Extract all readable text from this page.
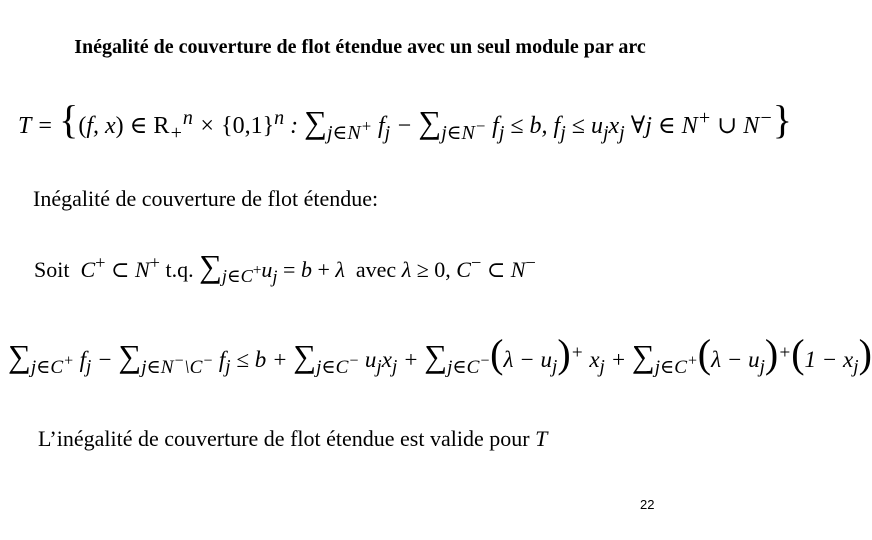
Inégalité de couverture de flot étendue avec un seul module par arc
T = {(f, x) ∈ $R_+^n \times \{0,1\}^n$ : $\sum_{j\in N^+}$ $f_j - \sum_{j\in N^-}$ $f_j \le b$, $f_j \le u_jx_j$ ∀j ∈ N+ ∪ N−}
Inégalité de couverture de flot étendue:
Soit  C+ ⊂ N+ t.q. $\sum_{j\in C^+}u_j = b + \lambda$  avec λ ≥ 0, C− ⊂ N−
$\sum_{j\in C^+}$ $f_j - \sum_{j\in N^-\backslash C^-}$ $f_j \le b + \sum_{j\in C^-}$ $u_jx_j + \sum_{j\in C^-}(\lambda - u_j)^+$ $x_j + \sum_{j\in C^+}(\lambda - u_j)^+(1 - x_j)$
L’inégalité de couverture de flot étendue est valide pour T
22
